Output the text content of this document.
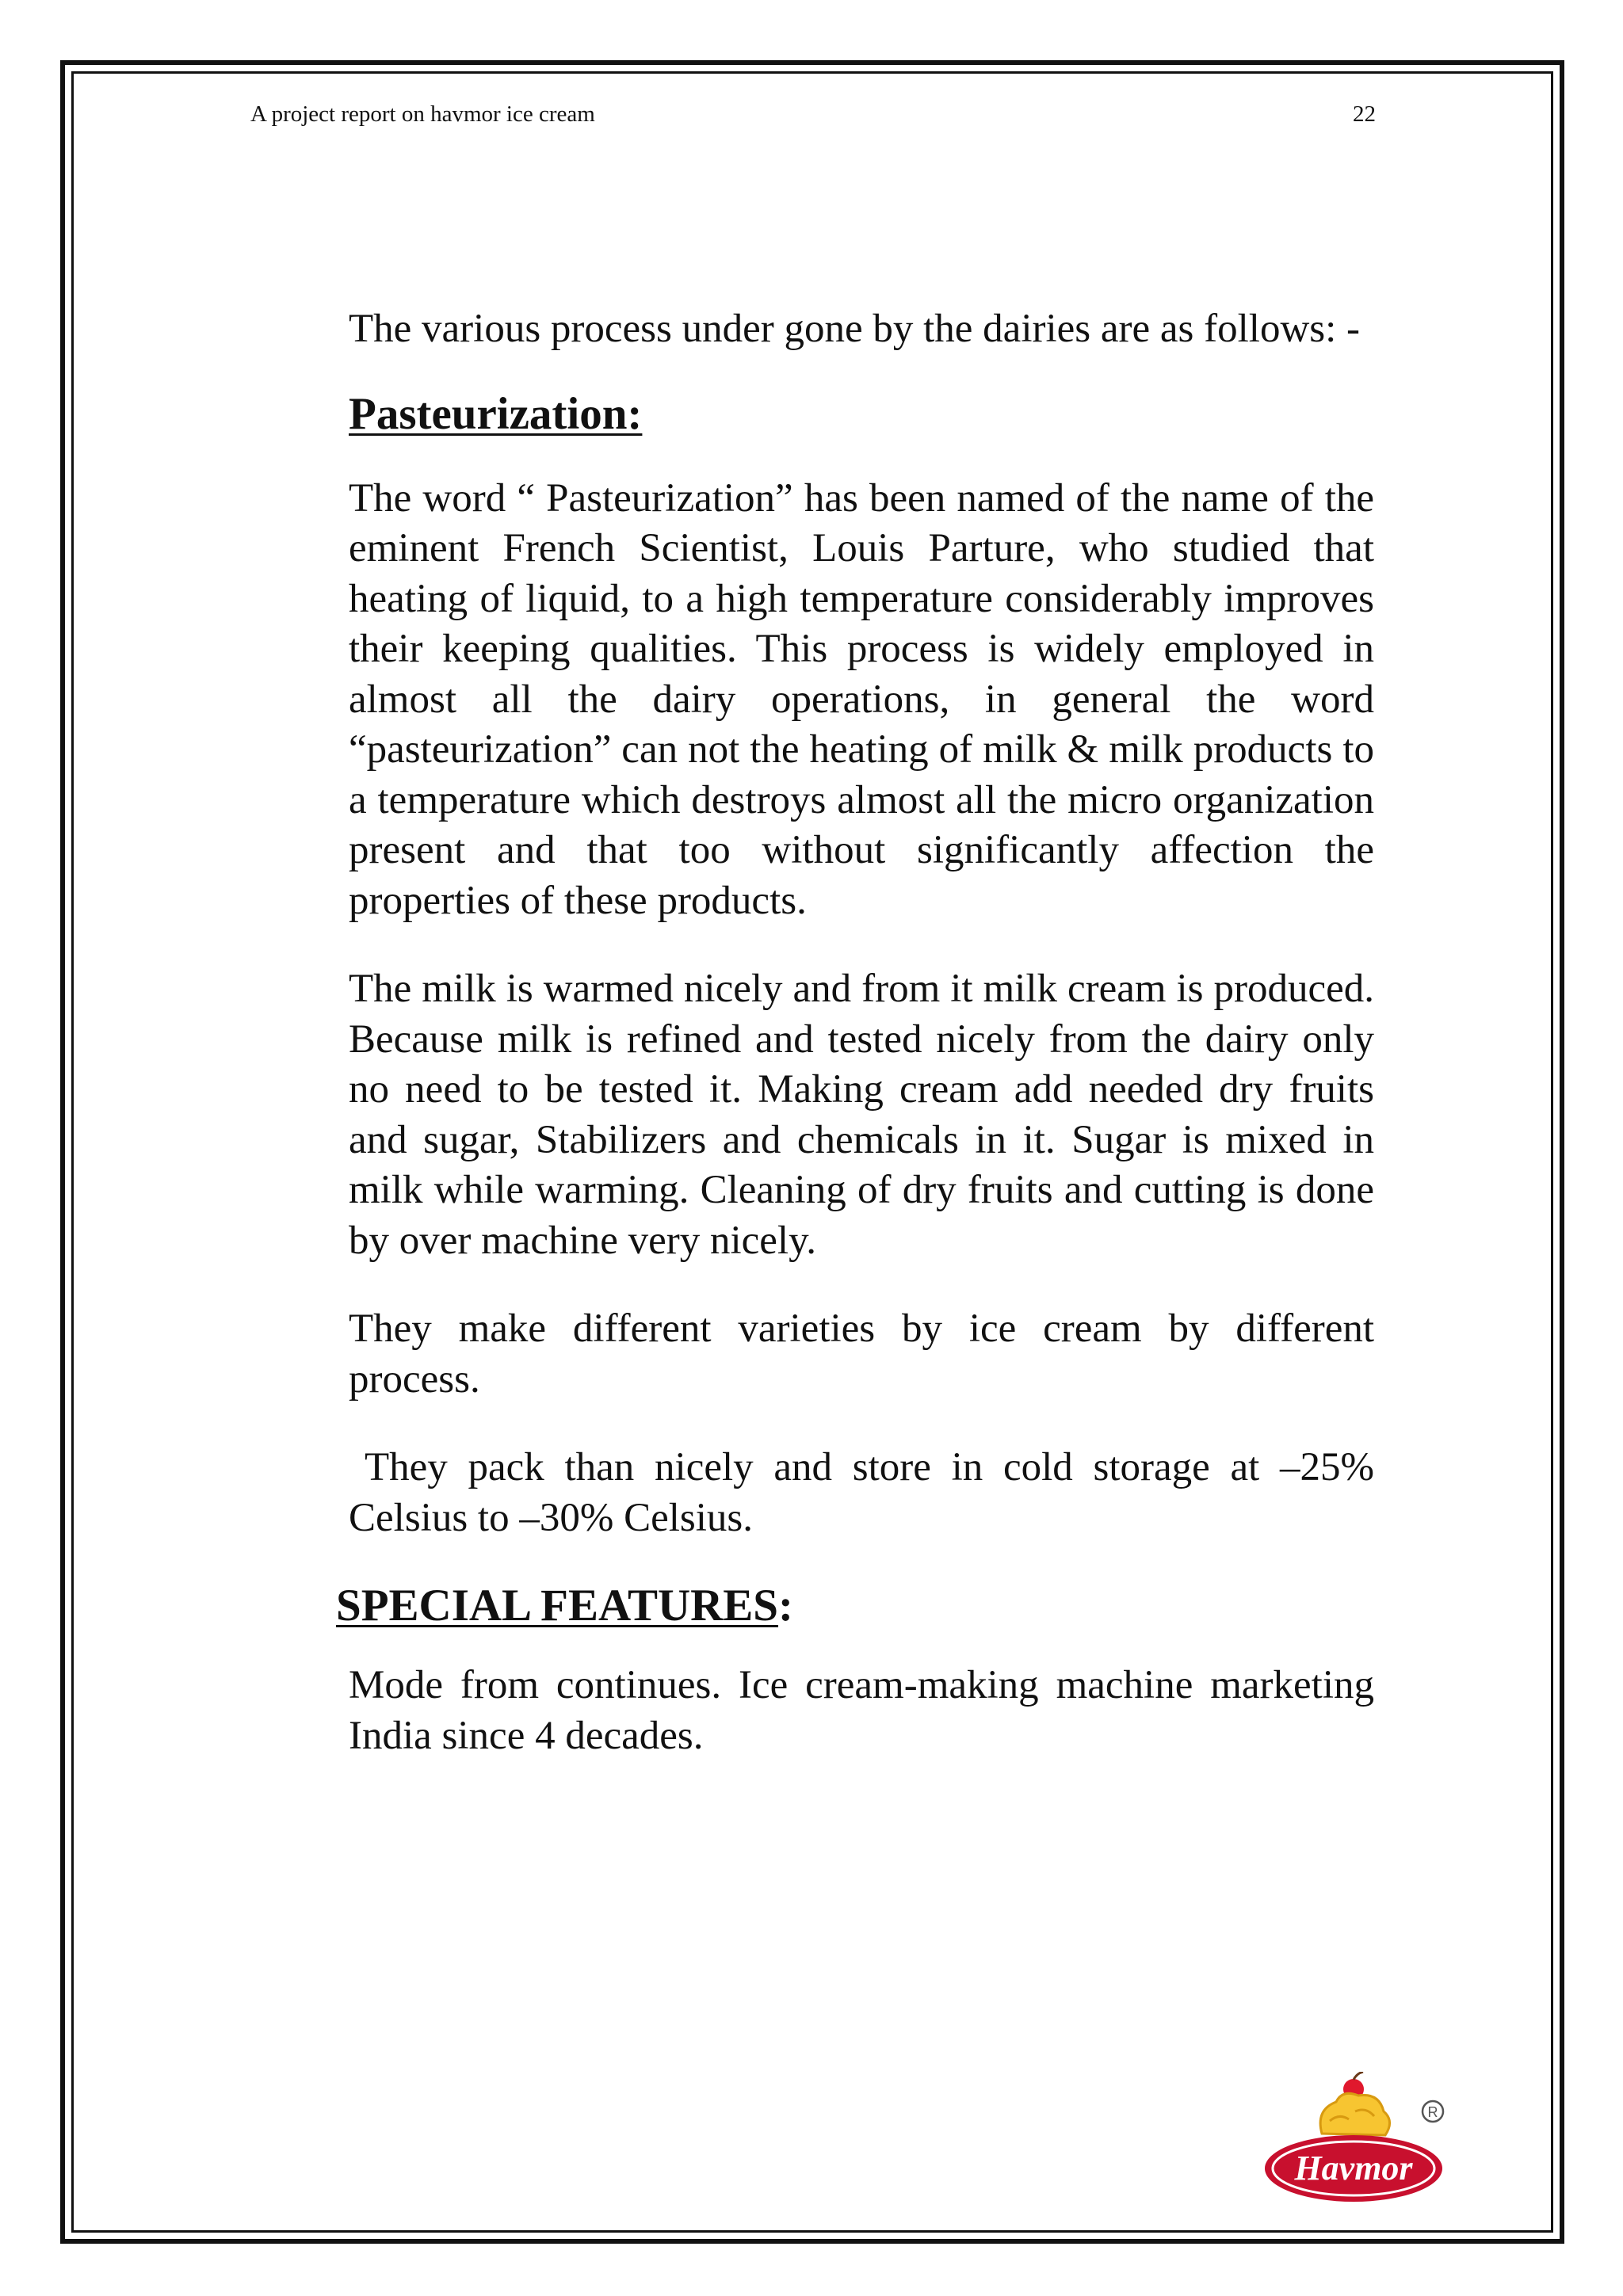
A project report on havmor ice cream	22

The various process under gone by the dairies are as follows: -

Pasteurization:

The word “ Pasteurization” has been named of the name of the eminent French Scientist, Louis Parture, who studied that heating of liquid, to a high temperature considerably improves their keeping qualities. This process is widely employed in almost all the dairy operations, in general the word “pasteurization” can not the heating of milk & milk products to a temperature which destroys almost all the micro organization present and that too without significantly affection the properties of these products.

The milk is warmed nicely and from it milk cream is produced. Because milk is refined and tested nicely from the dairy only no need to be tested it. Making cream add needed dry fruits and sugar, Stabilizers and chemicals in it. Sugar is mixed in milk while warming. Cleaning of dry fruits and cutting is done by over machine very nicely.

They make different varieties by ice cream by different process.

They pack than nicely and store in cold storage at –25% Celsius to –30% Celsius.

SPECIAL FEATURES:

Mode from continues. Ice cream-making machine marketing India since 4 decades.

Havmor
R
